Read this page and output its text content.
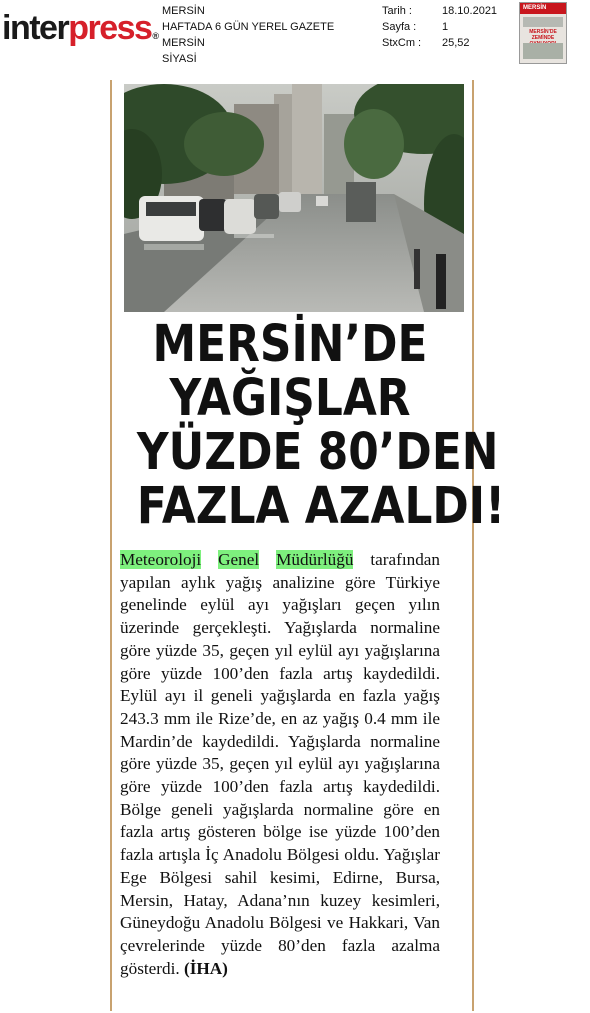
interpress®
MERSİN
HAFTADA 6 GÜN YEREL GAZETE
MERSİN
SİYASİ
Tarih :	18.10.2021
Sayfa :	1
StxCm :	25,52
MERSİN
MERSİN'DE ZEMİNDE
MERSİN’DE
YAĞIŞLAR
YÜZDE 80’DEN
FAZLA AZALDI!
Meteoroloji Genel Müdürlüğü tarafından yapılan aylık yağış analizine göre Türkiye genelinde eylül ayı yağışları geçen yılın üzerinde gerçekleşti. Yağışlarda normaline göre yüzde 35, geçen yıl eylül ayı yağışlarına göre yüzde 100’den fazla artış kaydedildi. Eylül ayı il geneli yağışlarda en fazla yağış 243.3 mm ile Rize’de, en az yağış 0.4 mm ile Mardin’de kaydedildi. Yağışlarda normaline göre yüzde 35, geçen yıl eylül ayı yağışlarına göre yüzde 100’den fazla artış kaydedildi. Bölge geneli yağışlarda normaline göre en fazla artış gösteren bölge ise yüzde 100’den fazla artışla İç Anadolu Bölgesi oldu. Yağışlar Ege Bölgesi sahil kesimi, Edirne, Bursa, Mersin, Hatay, Adana’nın kuzey kesimleri, Güneydoğu Anadolu Bölgesi ve Hakkari, Van çevrelerinde yüzde 80’den fazla azalma gösterdi. (İHA)
